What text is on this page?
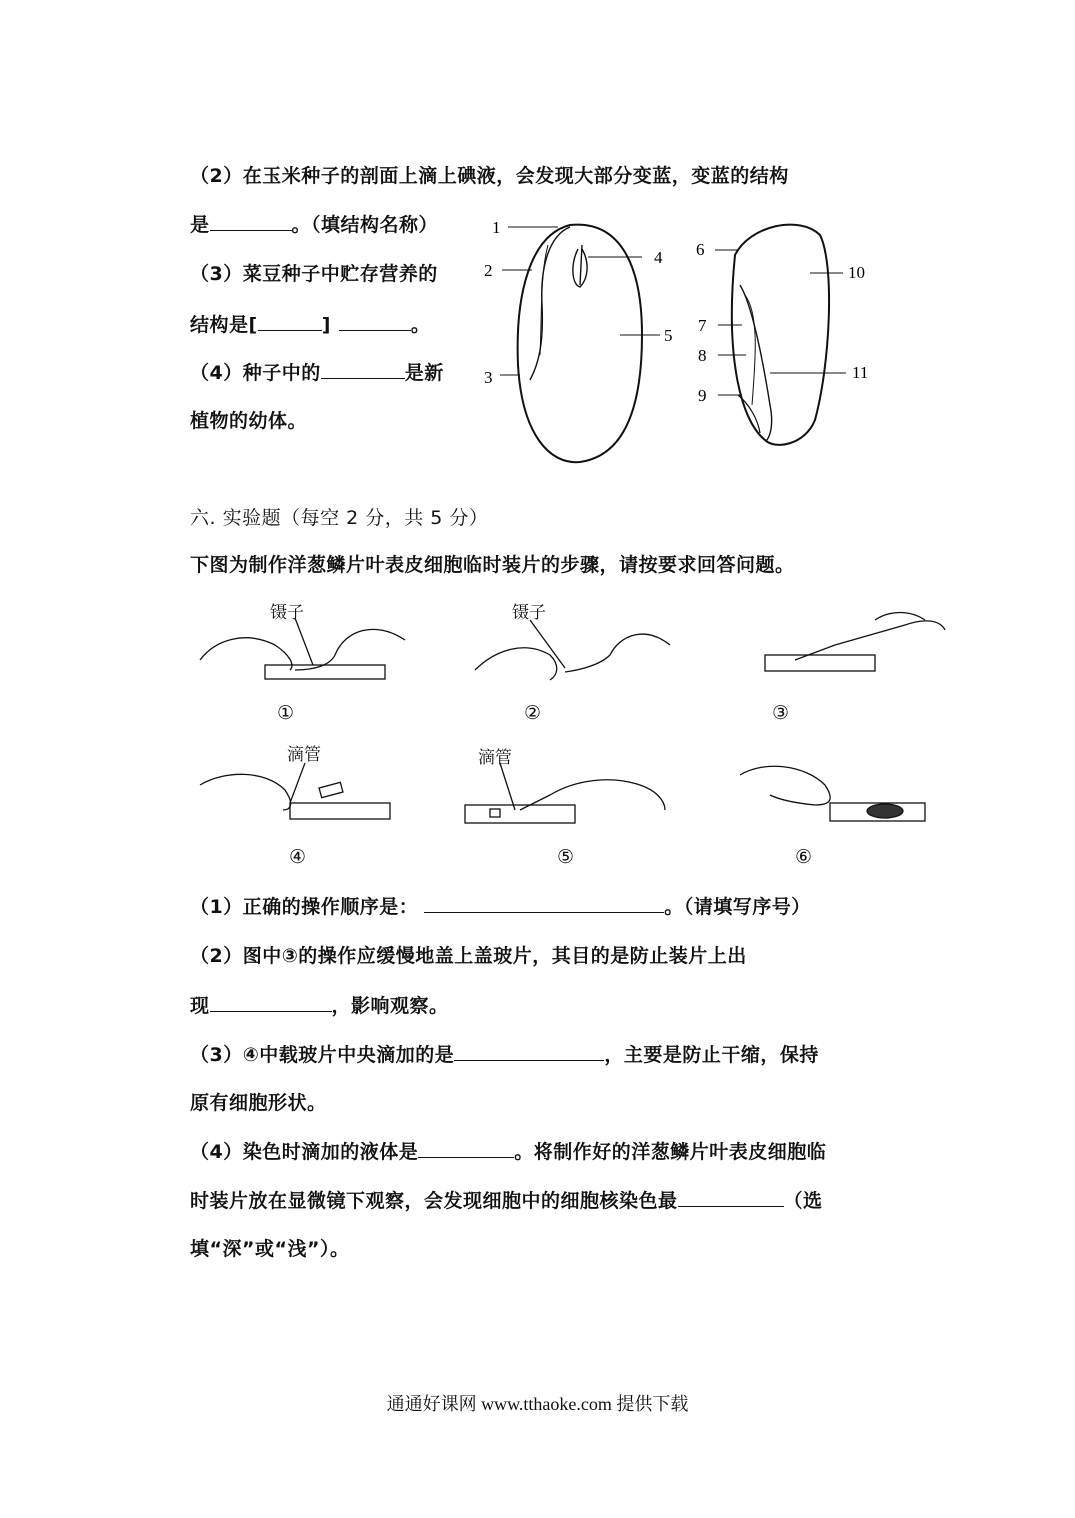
（2）在玉米种子的剖面上滴上碘液，会发现大部分变蓝，变蓝的结构
是	。（填结构名称）
（3）菜豆种子中贮存营养的
结构是[	]	。
（4）种子中的	是新
植物的幼体。
1
2
3
4
5
6
10
7
8
11
9
六. 实验题（每空 2 分，共 5 分）
下图为制作洋葱鳞片叶表皮细胞临时装片的步骤，请按要求回答问题。
镊子	镊子
滴管	滴管
①	②	③
④	⑤	⑥
（1）正确的操作顺序是：	。（请填写序号）
（2）图中③的操作应缓慢地盖上盖玻片，其目的是防止装片上出
现	，影响观察。
（3）④中载玻片中央滴加的是	，主要是防止干缩，保持
原有细胞形状。
（4）染色时滴加的液体是	。将制作好的洋葱鳞片叶表皮细胞临
时装片放在显微镜下观察，会发现细胞中的细胞核染色最	（选
填“深”或“浅”）。
通通好课网 www.tthaoke.com 提供下载
